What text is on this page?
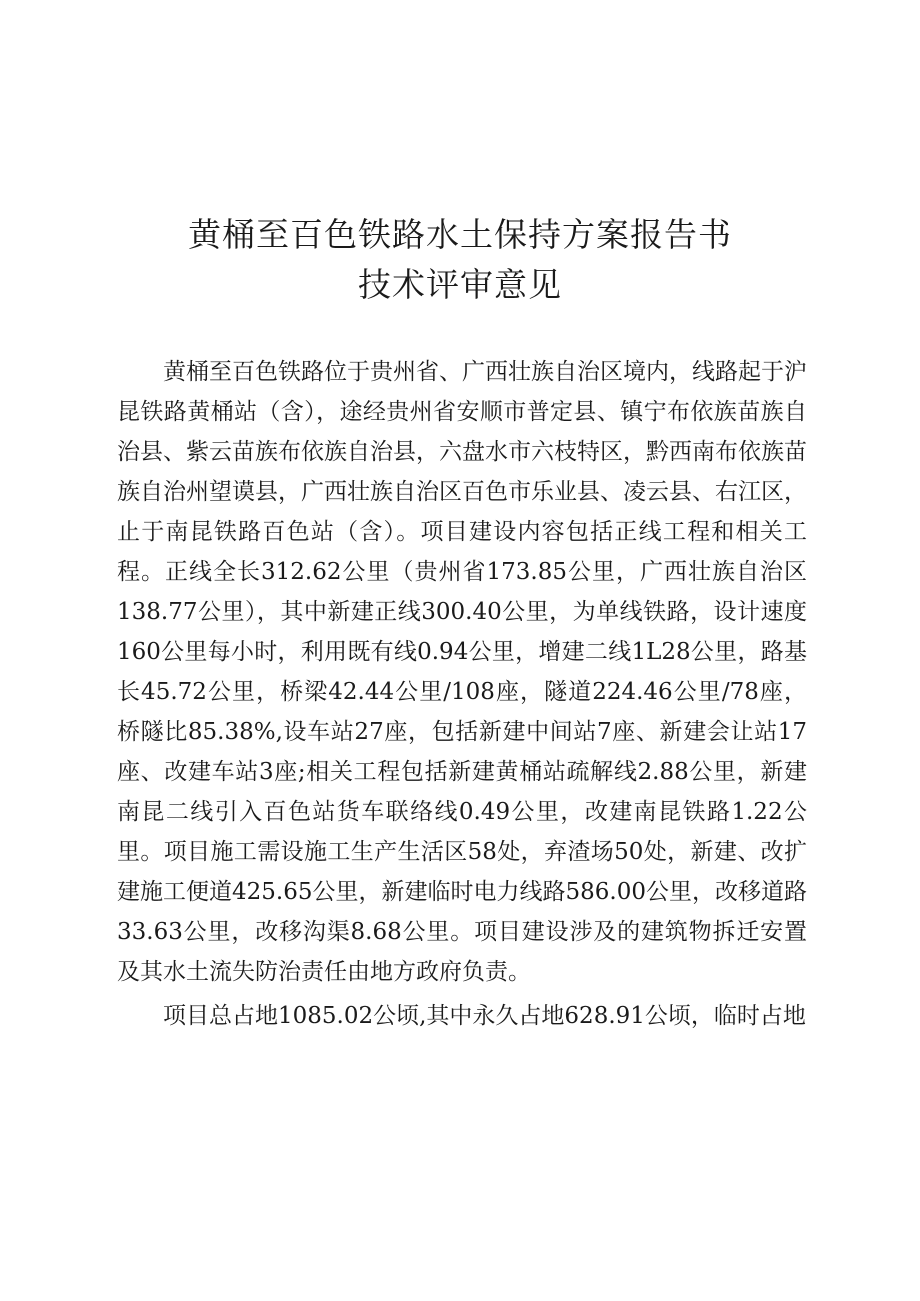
黄桶至百色铁路水土保持方案报告书
技术评审意见

黄桶至百色铁路位于贵州省、广西壮族自治区境内，线路起于沪昆铁路黄桶站（含），途经贵州省安顺市普定县、镇宁布依族苗族自治县、紫云苗族布依族自治县，六盘水市六枝特区，黔西南布依族苗族自治州望谟县，广西壮族自治区百色市乐业县、凌云县、右江区，止于南昆铁路百色站（含）。项目建设内容包括正线工程和相关工程。正线全长312.62公里（贵州省173.85公里，广西壮族自治区138.77公里），其中新建正线300.40公里，为单线铁路，设计速度160公里每小时，利用既有线0.94公里，增建二线1L28公里，路基长45.72公里，桥梁42.44公里/108座，隧道224.46公里/78座，桥隧比85.38%,设车站27座，包括新建中间站7座、新建会让站17座、改建车站3座;相关工程包括新建黄桶站疏解线2.88公里，新建南昆二线引入百色站货车联络线0.49公里，改建南昆铁路1.22公里。项目施工需设施工生产生活区58处，弃渣场50处，新建、改扩建施工便道425.65公里，新建临时电力线路586.00公里，改移道路33.63公里，改移沟渠8.68公里。项目建设涉及的建筑物拆迁安置及其水土流失防治责任由地方政府负责。

项目总占地1085.02公顷,其中永久占地628.91公顷，临时占地
